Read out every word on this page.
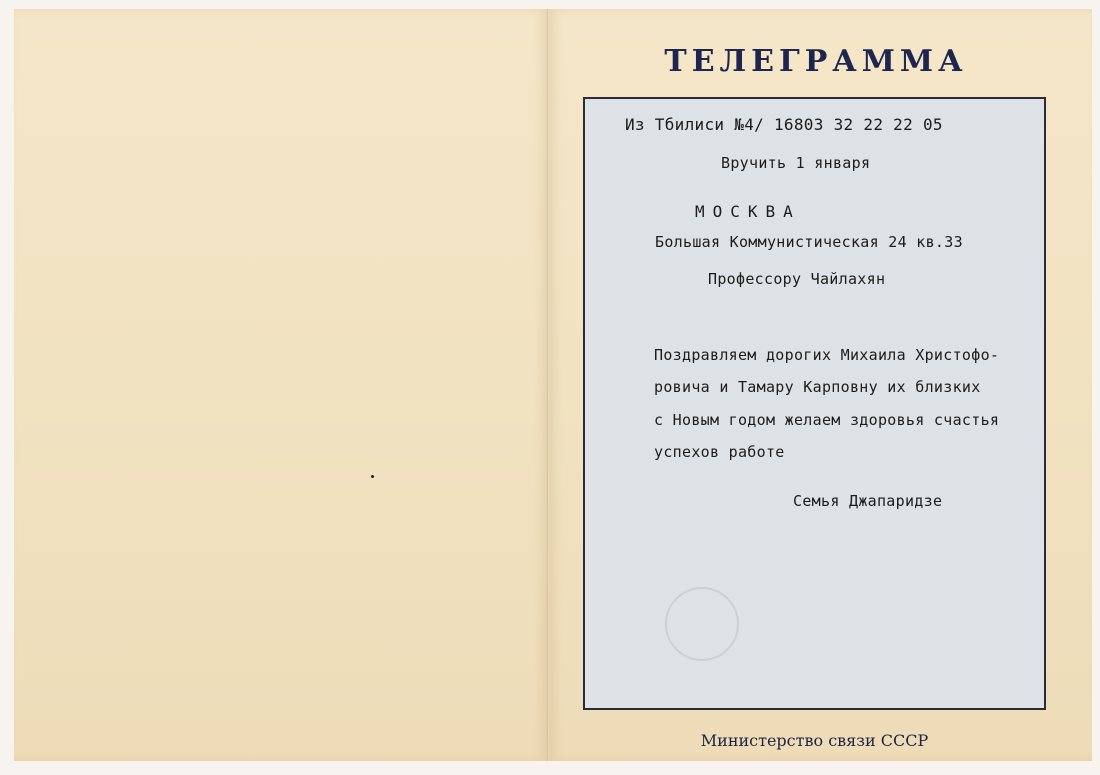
ТЕЛЕГРАММА

Из Тбилиси №4/ 16803 32 22 22 05

Вручить 1 января

МОСКВА

Большая Коммунистическая 24 кв.33

Профессору Чайлахян

Поздравляем дорогих Михаила Христофо-

ровича и Тамару Карповну их близких

с Новым годом желаем здоровья счастья

успехов работе

Семья Джапаридзе

Министерство связи СССР
